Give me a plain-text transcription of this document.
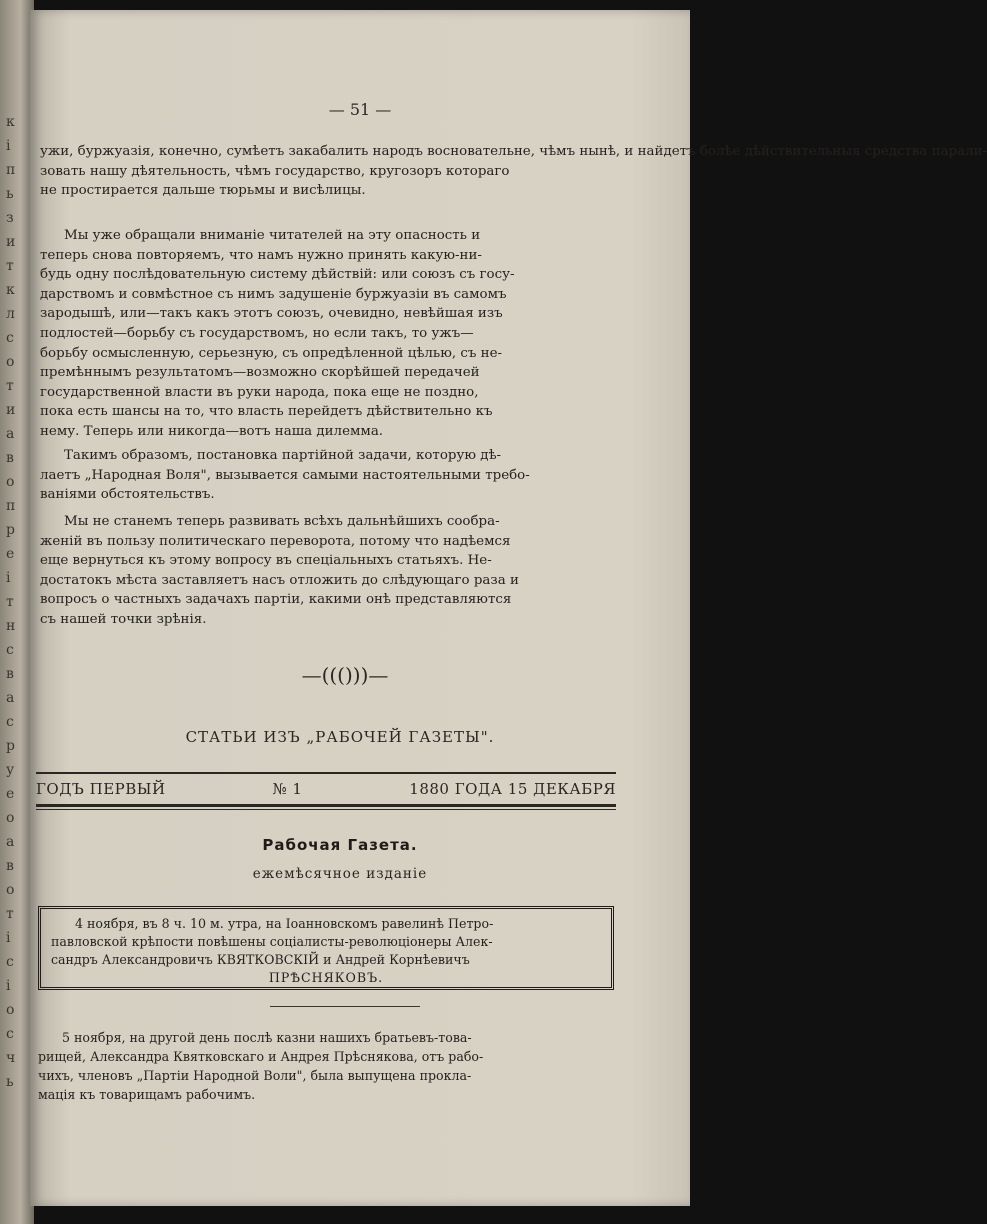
к
і
п
ь
з
и
т
к
л
с
о
т
и
а
в
о
п
р
е
і
т
н
с
в
а
с
р
у
е
о
а
в
о
т
і
с
і
о
с
ч
ь
— 51 —
ужи, буржуазія, конечно, сумѣетъ закабалить народъ восновательне, чѣмъ нынѣ, и найдетъ болѣе дѣйствительныя средства парали-
зовать нашу дѣятельность, чѣмъ государство, кругозоръ котораго
не простирается дальше тюрьмы и висѣлицы.
Мы уже обращали вниманіе читателей на эту опасность и
теперь снова повторяемъ, что намъ нужно принять какую-ни-
будь одну послѣдовательную систему дѣйствій: или союзъ съ госу-
дарствомъ и совмѣстное съ нимъ задушеніе буржуазіи въ самомъ
зародышѣ, или—такъ какъ этотъ союзъ, очевидно, невѣйшая изъ
подлостей—борьбу съ государствомъ, но если такъ, то ужъ—
борьбу осмысленную, серьезную, съ опредѣленной цѣлью, съ не-
премѣннымъ результатомъ—возможно скорѣйшей передачей
государственной власти въ руки народа, пока еще не поздно,
пока есть шансы на то, что власть перейдетъ дѣйствительно къ
нему. Теперь или никогда—вотъ наша дилемма.
Такимъ образомъ, постановка партійной задачи, которую дѣ-
лаетъ „Народная Воля", вызывается самыми настоятельными требо-
ваніями обстоятельствъ.
Мы не станемъ теперь развивать всѣхъ дальнѣйшихъ сообра-
женій въ пользу политическаго переворота, потому что надѣемся
еще вернуться къ этому вопросу въ спеціальныхъ статьяхъ. Не-
достатокъ мѣста заставляетъ насъ отложить до слѣдующаго раза и
вопросъ о частныхъ задачахъ партіи, какими онѣ представляются
съ нашей точки зрѣнія.
—((()))—
СТАТЬИ ИЗЪ „РАБОЧЕЙ ГАЗЕТЫ".
ГОДЪ ПЕРВЫЙ	№ 1	1880 ГОДА 15 ДЕКАБРЯ
Рабочая Газета.
ежемѣсячное изданіе
4 ноября, въ 8 ч. 10 м. утра, на Іоанновскомъ равелинѣ Петро-
павловской крѣпости повѣшены соціалисты-революціонеры Алек-
сандръ Александровичъ КВЯТКОВСКІЙ и Андрей Корнѣевичъ
ПРѢСНЯКОВЪ.
5 ноября, на другой день послѣ казни нашихъ братьевъ-това-
рищей, Александра Квятковскаго и Андрея Прѣснякова, отъ рабо-
чихъ, членовъ „Партіи Народной Воли", была выпущена прокла-
мація къ товарищамъ рабочимъ.
